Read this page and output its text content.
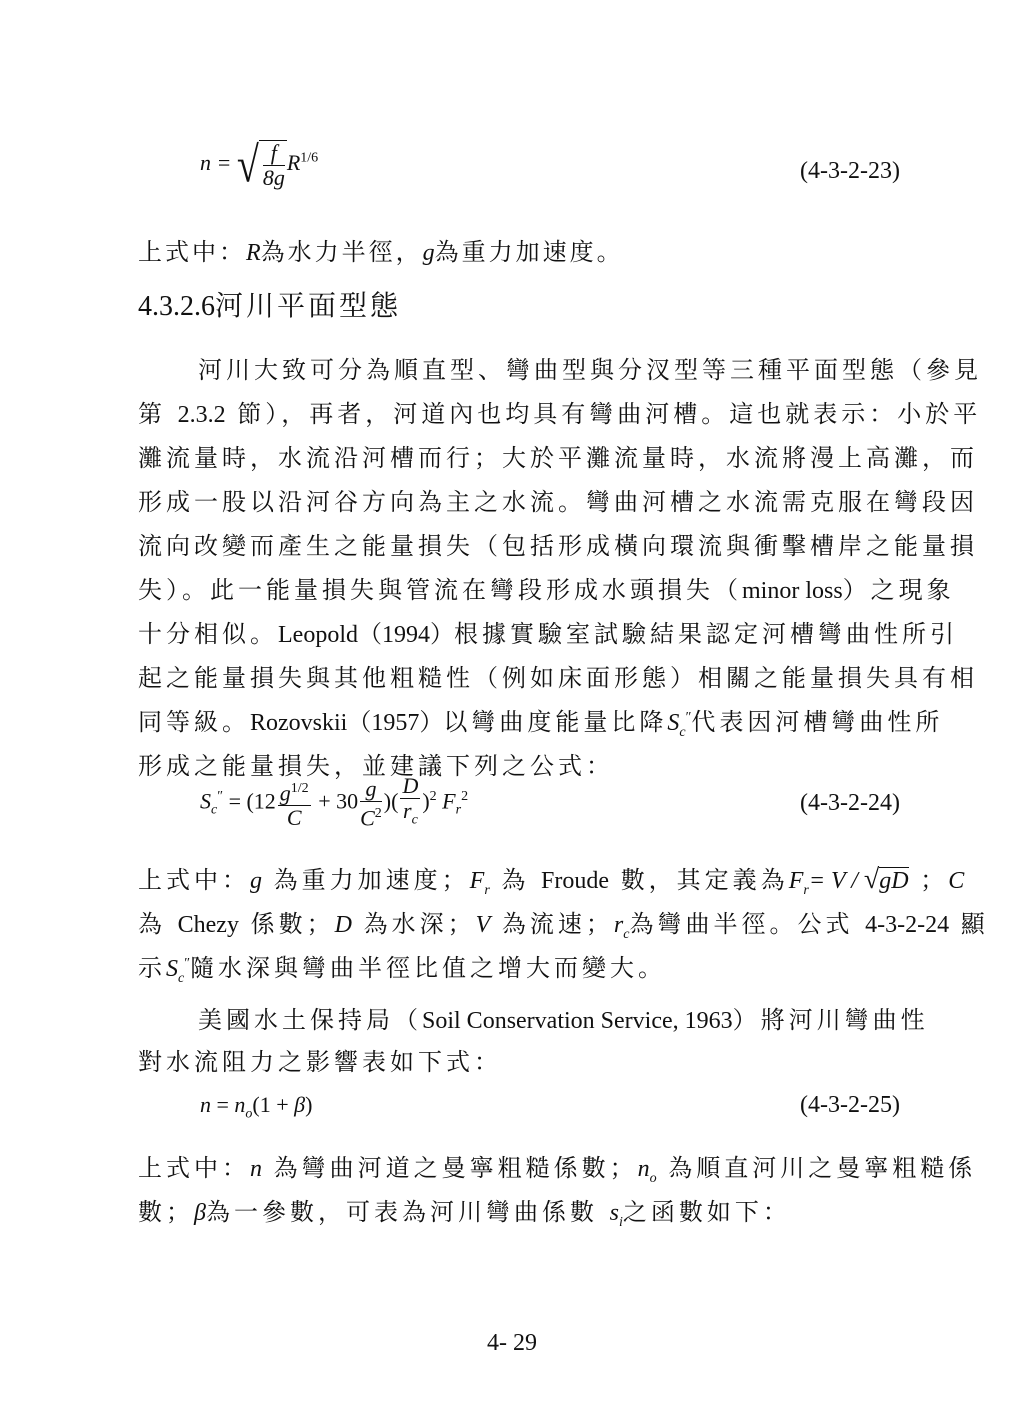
n = √ $\frac{f}{8g} R^{1/6}$	(4-3-2-23)
上式中：R為水力半徑，g為重力加速度。
4.3.2.6河川平面型態
河川大致可分為順直型、彎曲型與分汊型等三種平面型態（參見
第 2.3.2 節），再者，河道內也均具有彎曲河槽。這也就表示：小於平
灘流量時，水流沿河槽而行；大於平灘流量時，水流將漫上高灘，而
形成一股以沿河谷方向為主之水流。彎曲河槽之水流需克服在彎段因
流向改變而產生之能量損失（包括形成橫向環流與衝擊槽岸之能量損
失）。此一能量損失與管流在彎段形成水頭損失（minor loss）之現象
十分相似。Leopold（1994）根據實驗室試驗結果認定河槽彎曲性所引
起之能量損失與其他粗糙性（例如床面形態）相關之能量損失具有相
同等級。Rozovskii（1957）以彎曲度能量比降$S_c''$代表因河槽彎曲性所
形成之能量損失，並建議下列之公式：
$S_c'' = (12 \frac{g^{1/2}}{C} + 30 \frac{g}{C^2}$ )( $\frac{D}{r_c} )^2$ $F_r^2$	(4-3-2-24)
上式中：g 為重力加速度；$F_r$ 為 Froude 數，其定義為$F_r= V / √gD$ ；C
為 Chezy 係數；D 為水深；V 為流速；$r_c$為彎曲半徑。公式 4-3-2-24 顯
示$S_c''$隨水深與彎曲半徑比值之增大而變大。
美國水土保持局（Soil Conservation Service, 1963）將河川彎曲性
對水流阻力之影響表如下式：
$n = n_o(1 + \beta)$	(4-3-2-25)
上式中：n 為彎曲河道之曼寧粗糙係數；$n_o$ 為順直河川之曼寧粗糙係
數；β為一參數，可表為河川彎曲係數 $s_i$之函數如下：
4- 29
